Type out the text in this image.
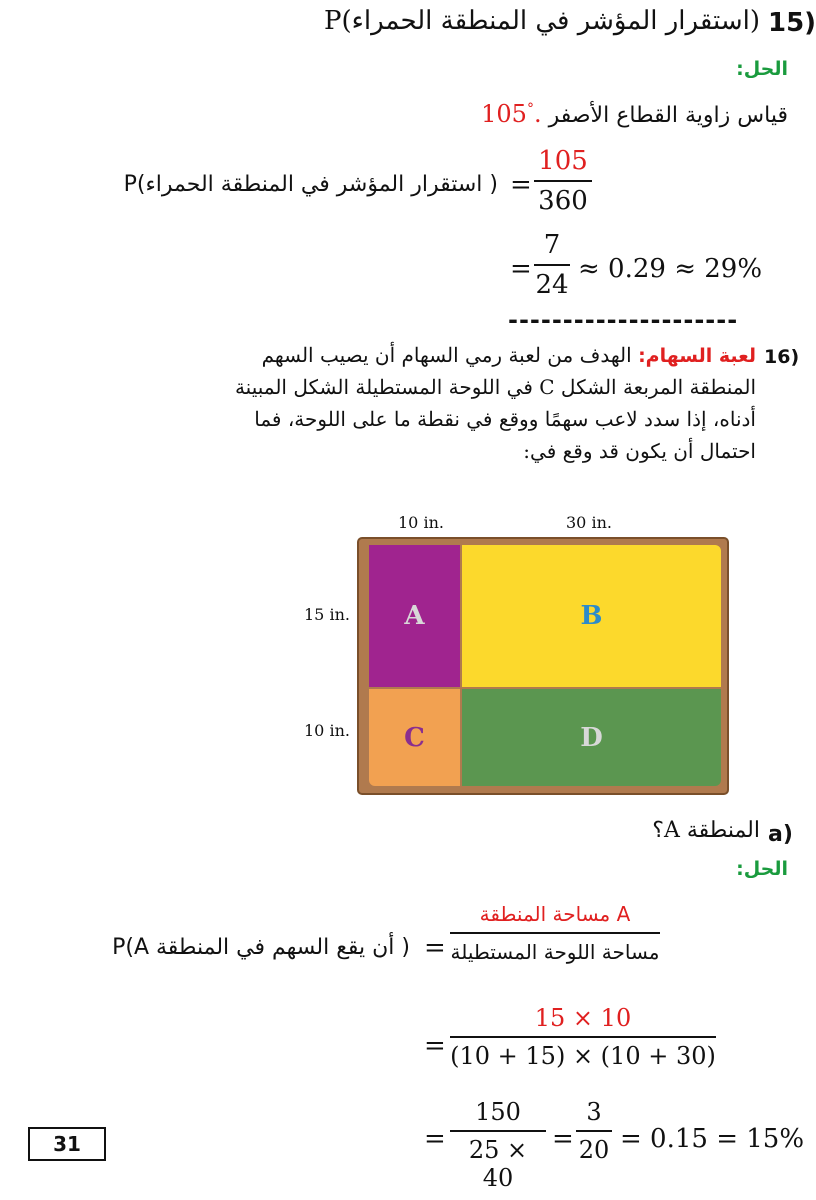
15)
(استقرار المؤشر في المنطقة الحمراء)P
الحل:
قياس زاوية القطاع الأصفر 105°.
( استقرار المؤشر في المنطقة الحمراء)P =
105
360
=
7
24
≈ 0.29 ≈ 29%
---------------------
16)
لعبة السهام: الهدف من لعبة رمي السهام أن يصيب السهم
المنطقة المربعة الشكل C في اللوحة المستطيلة الشكل المبينة
أدناه، إذا سدد لاعب سهمًا ووقع في نقطة ما على اللوحة، فما
احتمال أن يكون قد وقع في:
10 in.	30 in.
15 in.
10 in.
A	B
C	D
a)
المنطقة A؟
الحل:
( أن يقع السهم في المنطقة A)P =
مساحة المنطقة A
مساحة اللوحة المستطيلة
=
15 × 10
(10 + 15) × (10 + 30)
=
150
25 × 40
=
3
20 = 0.15 = 15%
31
